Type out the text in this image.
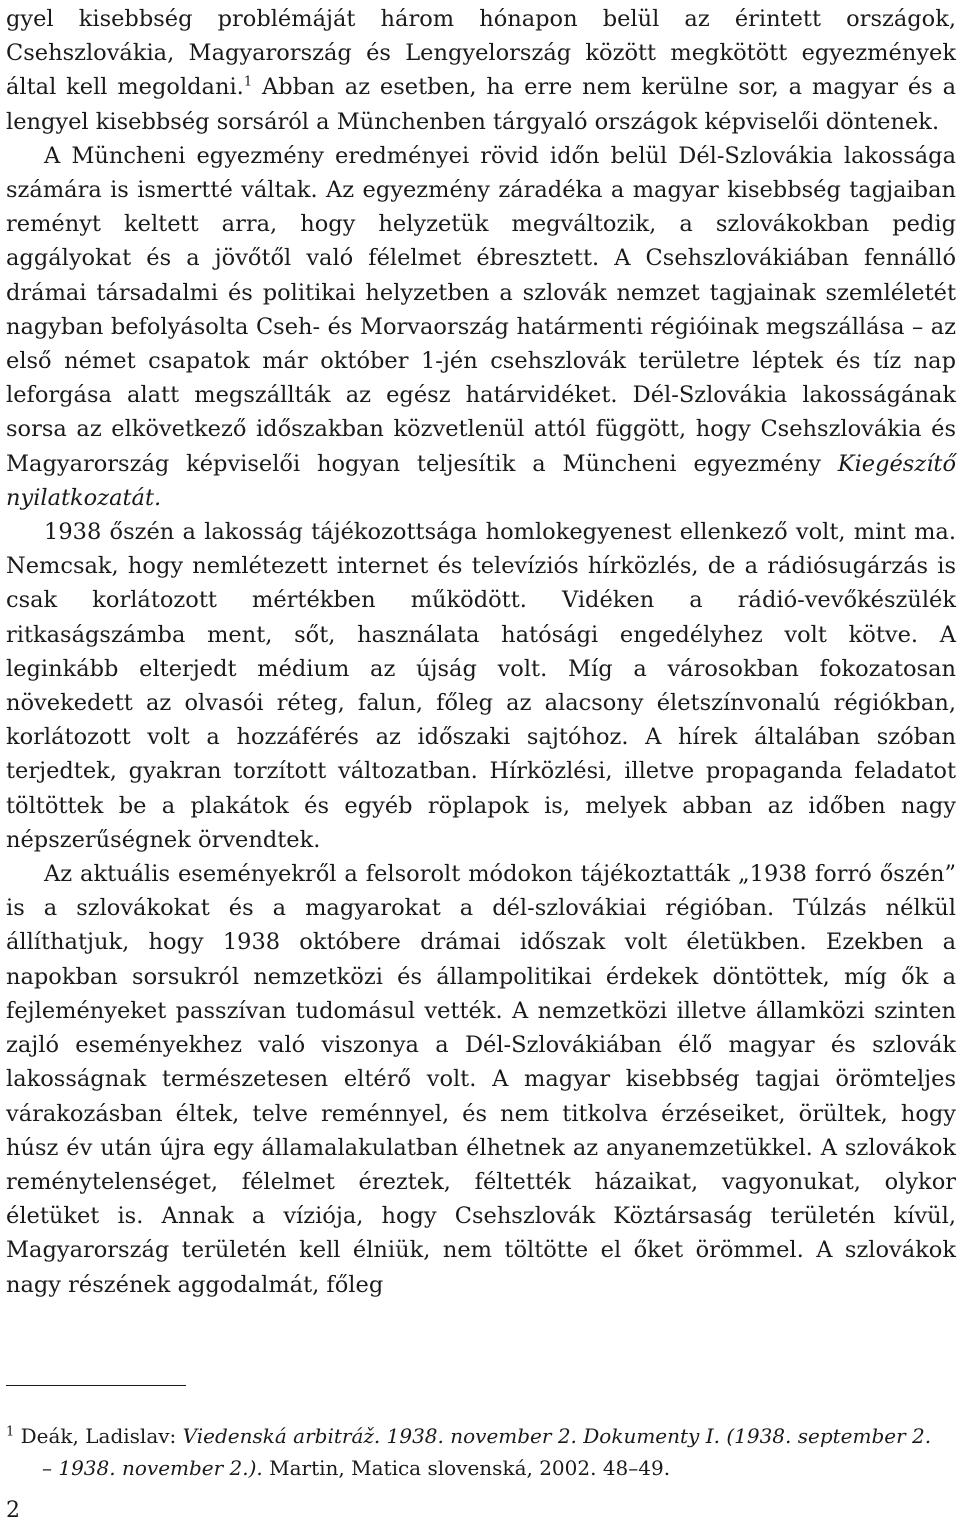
gyel kisebbség problémáját három hónapon belül az érintett országok, Csehszlovákia, Magyarország és Lengyelország között megkötött egyezmények által kell megoldani.$^1$ Abban az esetben, ha erre nem kerülne sor, a magyar és a lengyel kisebbség sorsáról a Münchenben tárgyaló országok képviselői döntenek.

A Müncheni egyezmény eredményei rövid időn belül Dél-Szlovákia lakossága számára is ismertté váltak. Az egyezmény záradéka a magyar kisebbség tagjaiban reményt keltett arra, hogy helyzetük megváltozik, a szlovákokban pedig aggályokat és a jövőtől való félelmet ébresztett. A Csehszlovákiában fennálló drámai társadalmi és politikai helyzetben a szlovák nemzet tagjainak szemléletét nagyban befolyásolta Cseh- és Morvaország határmenti régióinak megszállása – az első német csapatok már október 1-jén csehszlovák területre léptek és tíz nap leforgása alatt megszállták az egész határvidéket. Dél-Szlovákia lakosságának sorsa az elkövetkező időszakban közvetlenül attól függött, hogy Csehszlovákia és Magyarország képviselői hogyan teljesítik a Müncheni egyezmény Kiegészítő nyilatkozatát.

1938 őszén a lakosság tájékozottsága homlokegyenest ellenkező volt, mint ma. Nemcsak, hogy nemlétezett internet és televíziós hírközlés, de a rádiósugárzás is csak korlátozott mértékben működött. Vidéken a rádió-vevőkészülék ritkaságszámba ment, sőt, használata hatósági engedélyhez volt kötve. A leginkább elterjedt médium az újság volt. Míg a városokban fokozatosan növekedett az olvasói réteg, falun, főleg az alacsony életszínvonalú régiókban, korlátozott volt a hozzáférés az időszaki sajtóhoz. A hírek általában szóban terjedtek, gyakran torzított változatban. Hírközlési, illetve propaganda feladatot töltöttek be a plakátok és egyéb röplapok is, melyek abban az időben nagy népszerűségnek örvendtek.

Az aktuális eseményekről a felsorolt módokon tájékoztatták „1938 forró őszén” is a szlovákokat és a magyarokat a dél-szlovákiai régióban. Túlzás nélkül állíthatjuk, hogy 1938 októbere drámai időszak volt életükben. Ezekben a napokban sorsukról nemzetközi és állampolitikai érdekek döntöttek, míg ők a fejleményeket passzívan tudomásul vették. A nemzetközi illetve államközi szinten zajló eseményekhez való viszonya a Dél-Szlovákiában élő magyar és szlovák lakosságnak természetesen eltérő volt. A magyar kisebbség tagjai örömteljes várakozásban éltek, telve reménnyel, és nem titkolva érzéseiket, örültek, hogy húsz év után újra egy államalakulatban élhetnek az anyanemzetükkel. A szlovákok reménytelenséget, félelmet éreztek, féltették házaikat, vagyonukat, olykor életüket is. Annak a víziója, hogy Csehszlovák Köztársaság területén kívül, Magyarország területén kell élniük, nem töltötte el őket örömmel. A szlovákok nagy részének aggodalmát, főleg

$^1$ Deák, Ladislav: Viedenská arbitráž. 1938. november 2. Dokumenty I. (1938. september 2.
– 1938. november 2.). Martin, Matica slovenská, 2002. 48–49.
2
